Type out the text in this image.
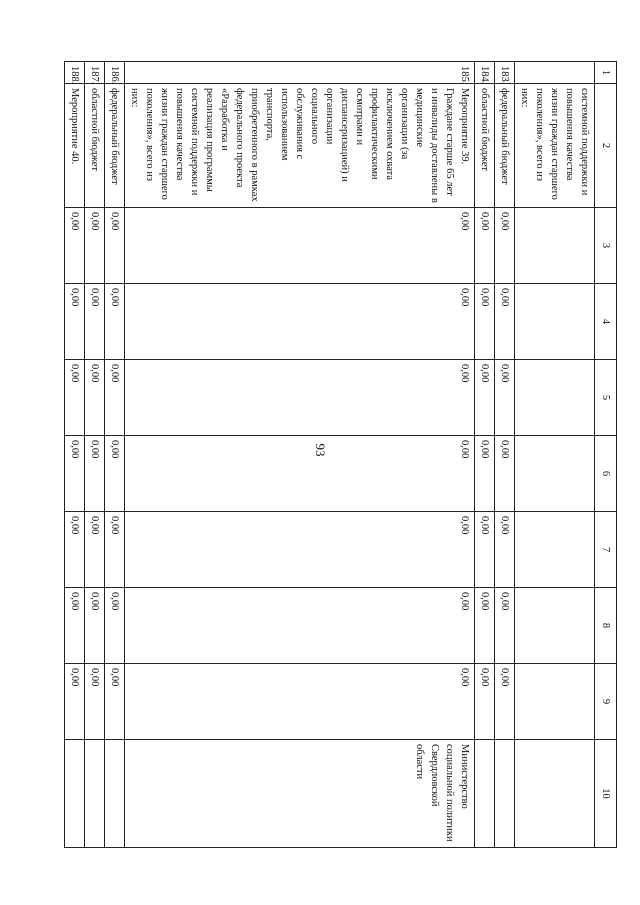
93
1	2	3	4	5	6	7	8	9	10
	системной поддержки и повышения качества жизни граждан старшего поколения», всего из них:								
183.	федеральный бюджет	0,00	0,00	0,00	0,00	0,00	0,00	0,00	
184.	областной бюджет	0,00	0,00	0,00	0,00	0,00	0,00	0,00	
185.	Мероприятие 39. Граждане старше 65 лет и инвалиды доставлены в медицинские организации (за исключением охвата профилактическими осмотрами и диспансеризацией) и организации социального обслуживания с использованием транспорта, приобретенного в рамках федерального проекта «Разработка и реализация программы системной поддержки и повышения качества жизни граждан старшего поколения», всего из них:	0,00	0,00	0,00	0,00	0,00	0,00	0,00	Министерство социальной политики Свердловской области
186.	федеральный бюджет	0,00	0,00	0,00	0,00	0,00	0,00	0,00	
187.	областной бюджет	0,00	0,00	0,00	0,00	0,00	0,00	0,00	
188.	Мероприятие 40.	0,00	0,00	0,00	0,00	0,00	0,00	0,00	
